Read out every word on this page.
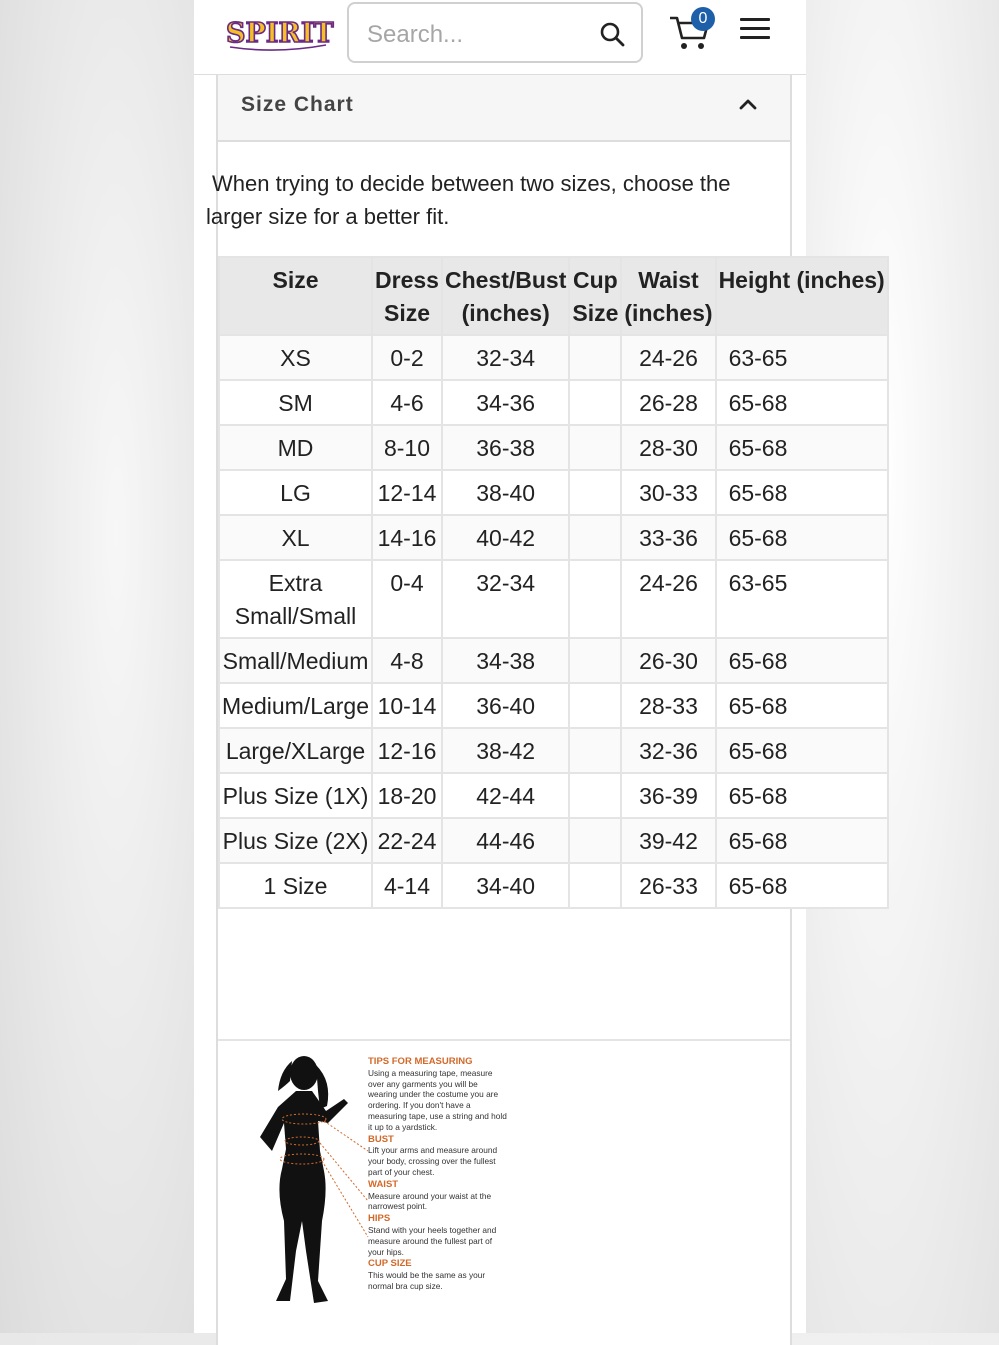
SPIRIT
Search...	0
Size Chart
When trying to decide between two sizes, choose the
larger size for a better fit.
Size	Dress Size	Chest/Bust (inches)	Cup Size	Waist (inches)	Height (inches)
XS	0-2	32-34		24-26	63-65
SM	4-6	34-36		26-28	65-68
MD	8-10	36-38		28-30	65-68
LG	12-14	38-40		30-33	65-68
XL	14-16	40-42		33-36	65-68
Extra Small/Small	0-4	32-34		24-26	63-65
Small/Medium	4-8	34-38		26-30	65-68
Medium/Large	10-14	36-40		28-33	65-68
Large/XLarge	12-16	38-42		32-36	65-68
Plus Size (1X)	18-20	42-44		36-39	65-68
Plus Size (2X)	22-24	44-46		39-42	65-68
1 Size	4-14	34-40		26-33	65-68
TIPS FOR MEASURING
Using a measuring tape, measure over any garments you will be wearing under the costume you are ordering. If you don't have a measuring tape, use a string and hold it up to a yardstick.
BUST
Lift your arms and measure around your body, crossing over the fullest part of your chest.
WAIST
Measure around your waist at the narrowest point.
HIPS
Stand with your heels together and measure around the fullest part of your hips.
CUP SIZE
This would be the same as your normal bra cup size.
